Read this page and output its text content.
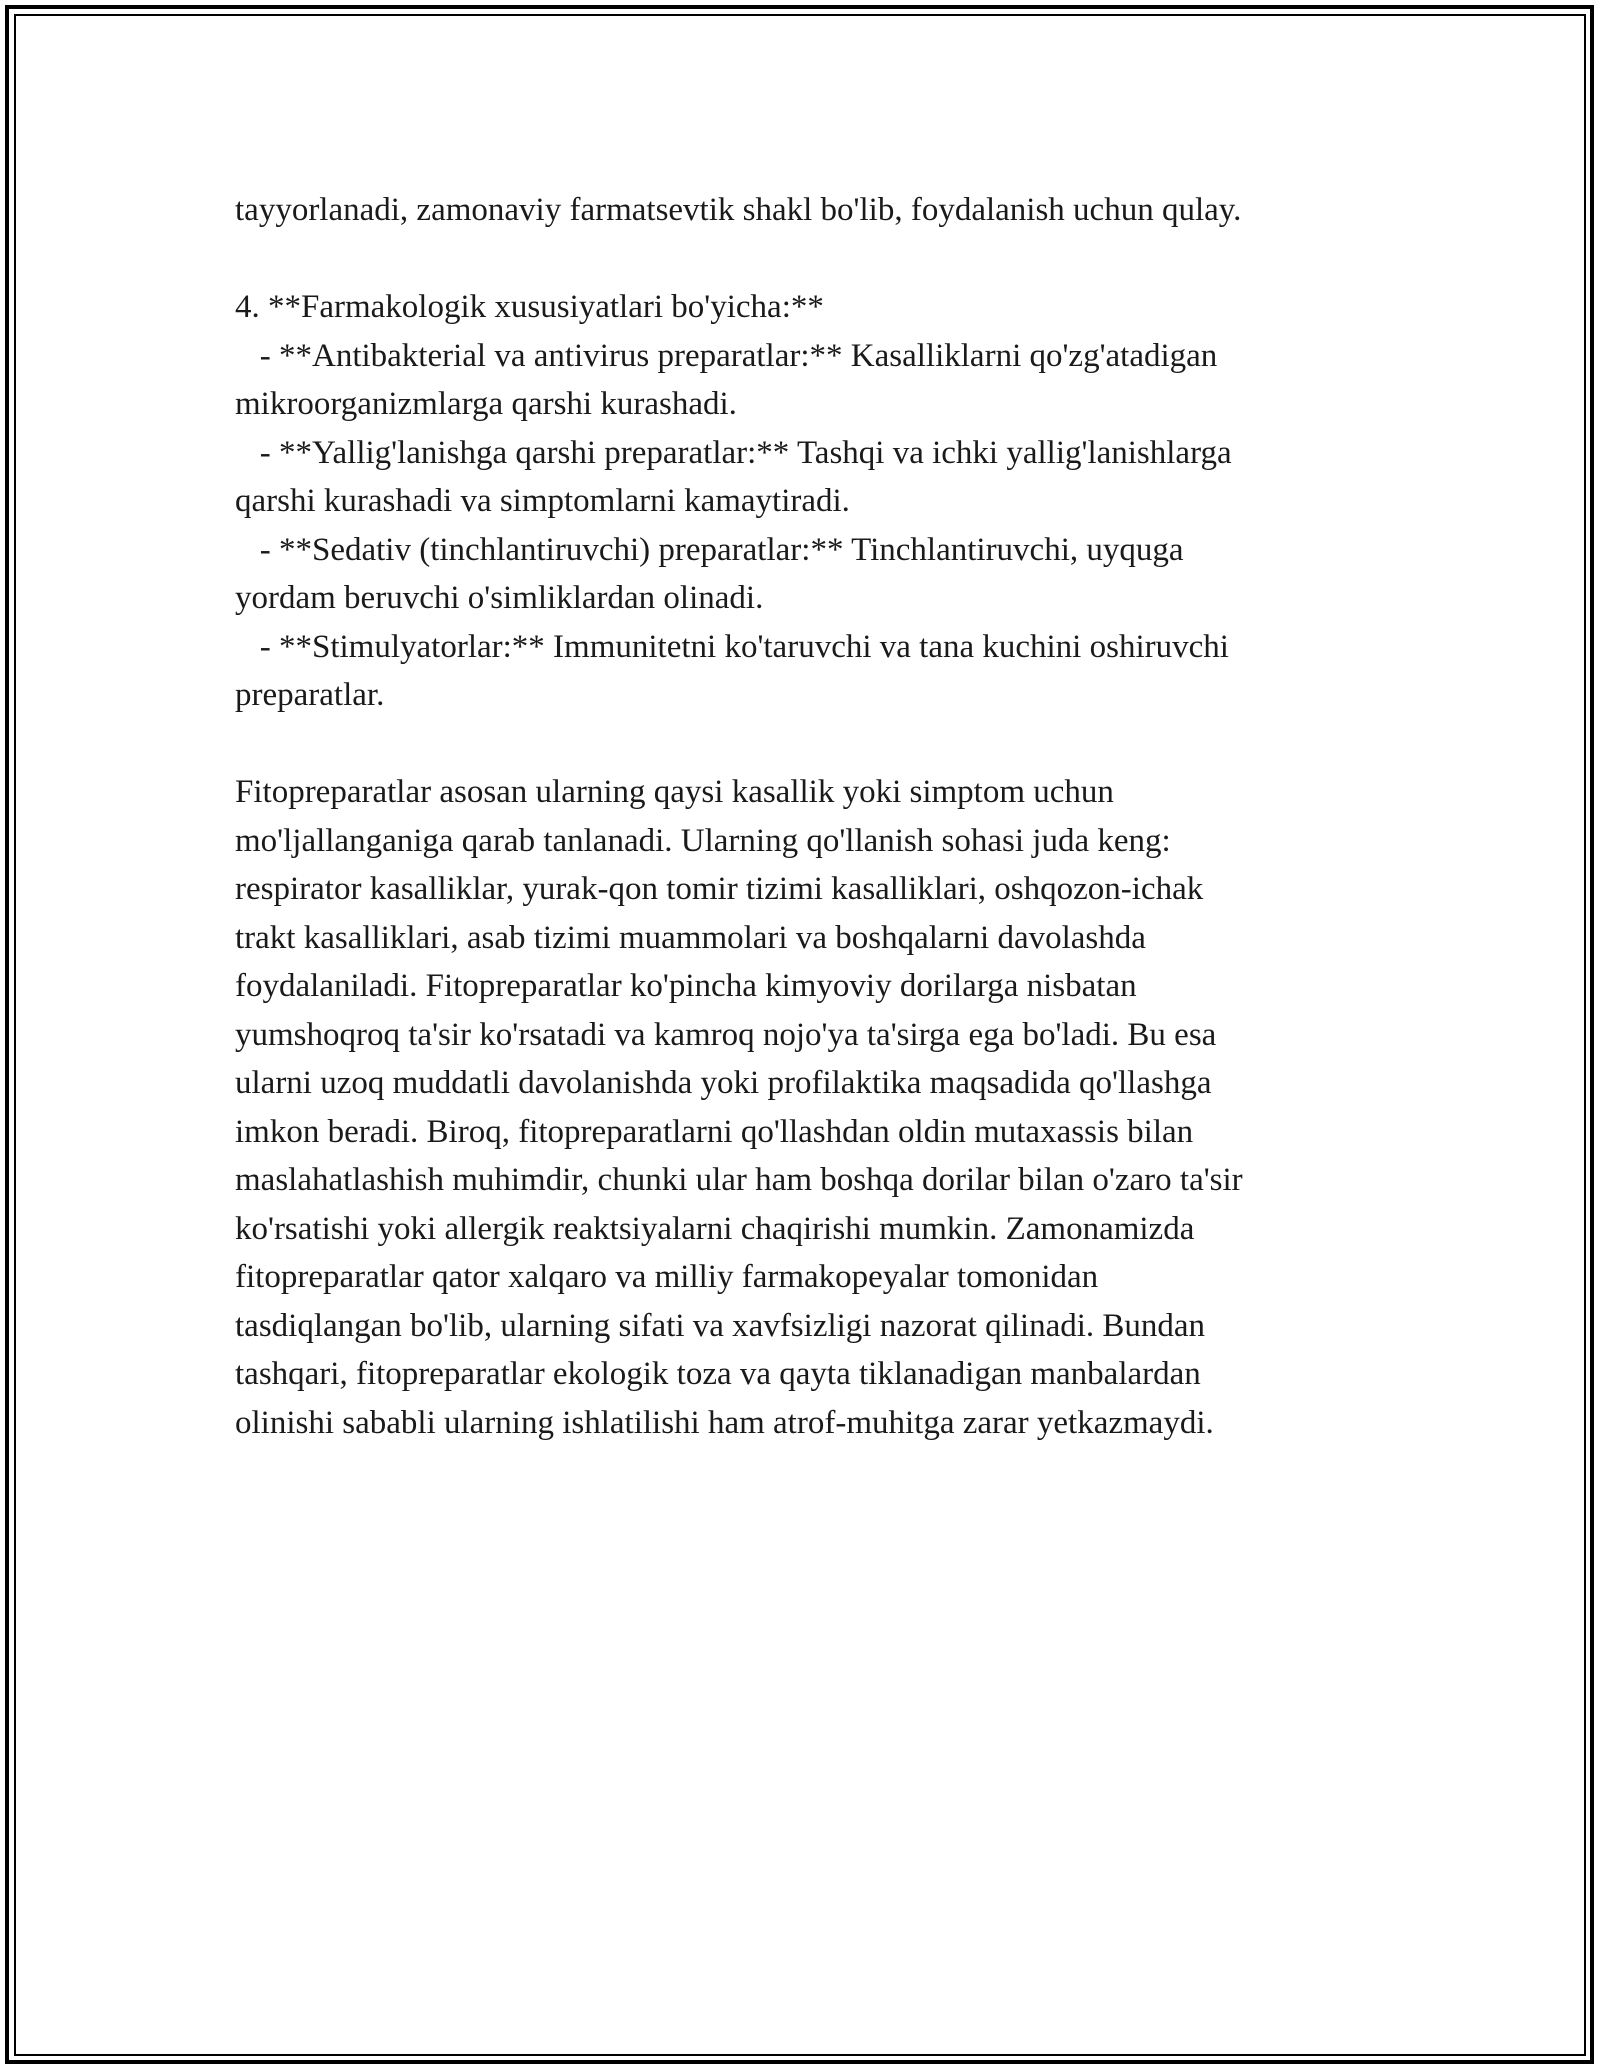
tayyorlanadi, zamonaviy farmatsevtik shakl bo'lib, foydalanish uchun qulay.
4. **Farmakologik xususiyatlari bo'yicha:**
- **Antibakterial va antivirus preparatlar:** Kasalliklarni qo'zg'atadigan
mikroorganizmlarga qarshi kurashadi.
- **Yallig'lanishga qarshi preparatlar:** Tashqi va ichki yallig'lanishlarga
qarshi kurashadi va simptomlarni kamaytiradi.
- **Sedativ (tinchlantiruvchi) preparatlar:** Tinchlantiruvchi, uyquga
yordam beruvchi o'simliklardan olinadi.
- **Stimulyatorlar:** Immunitetni ko'taruvchi va tana kuchini oshiruvchi
preparatlar.
Fitopreparatlar asosan ularning qaysi kasallik yoki simptom uchun
mo'ljallanganiga qarab tanlanadi. Ularning qo'llanish sohasi juda keng:
respirator kasalliklar, yurak-qon tomir tizimi kasalliklari, oshqozon-ichak
trakt kasalliklari, asab tizimi muammolari va boshqalarni davolashda
foydalaniladi. Fitopreparatlar ko'pincha kimyoviy dorilarga nisbatan
yumshoqroq ta'sir ko'rsatadi va kamroq nojo'ya ta'sirga ega bo'ladi. Bu esa
ularni uzoq muddatli davolanishda yoki profilaktika maqsadida qo'llashga
imkon beradi. Biroq, fitopreparatlarni qo'llashdan oldin mutaxassis bilan
maslahatlashish muhimdir, chunki ular ham boshqa dorilar bilan o'zaro ta'sir
ko'rsatishi yoki allergik reaktsiyalarni chaqirishi mumkin. Zamonamizda
fitopreparatlar qator xalqaro va milliy farmakopeyalar tomonidan
tasdiqlangan bo'lib, ularning sifati va xavfsizligi nazorat qilinadi. Bundan
tashqari, fitopreparatlar ekologik toza va qayta tiklanadigan manbalardan
olinishi sababli ularning ishlatilishi ham atrof-muhitga zarar yetkazmaydi.
